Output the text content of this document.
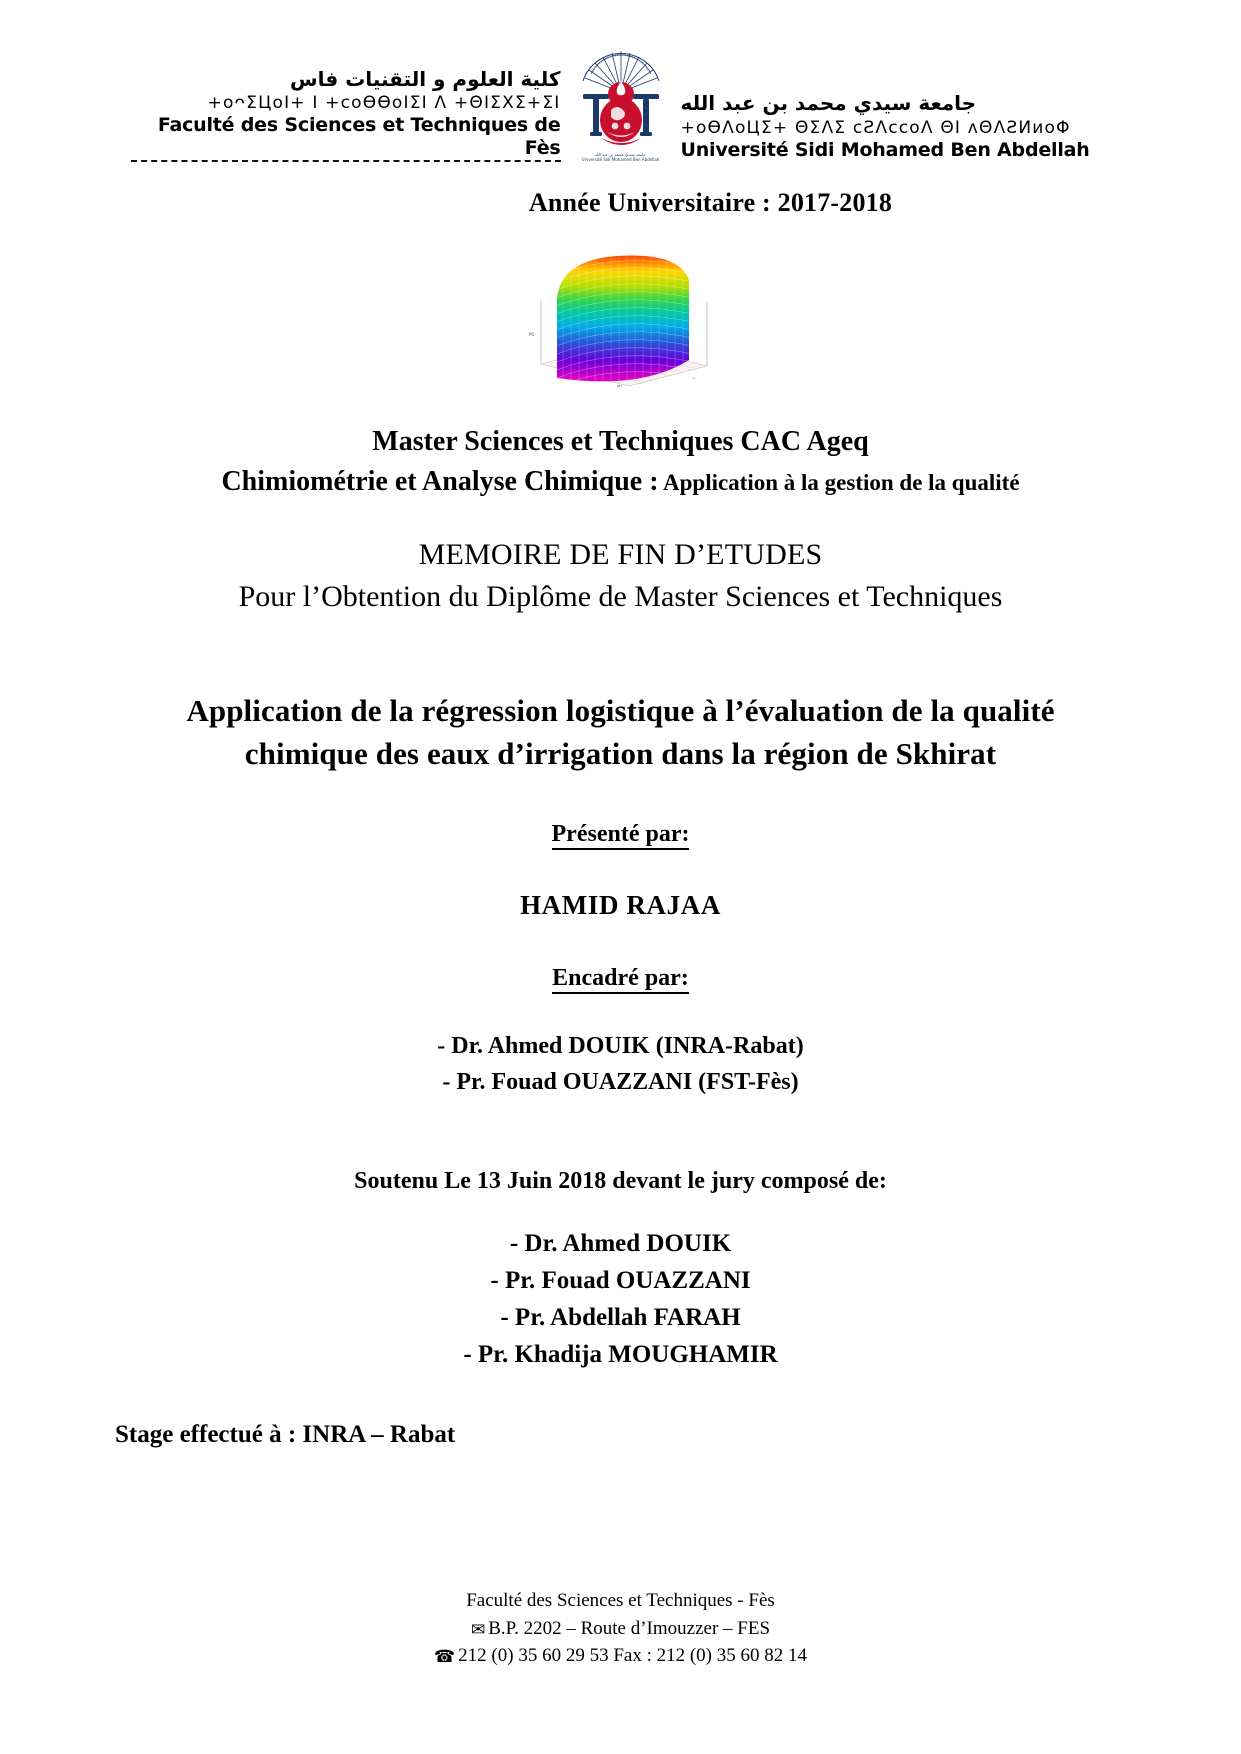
كلية العلوم و التقنيات فاس
+oᴖΣЦoI+ I +ᴄoӨӨoIΣI Λ +ΘIΣXΣ+ΣI
Faculté des Sciences et Techniques de Fès	جامعة سيدي محمد بن عبد الله
Université Sidi Mohamed Ben Abdellah
جامعة سيدي محمد بن عبد الله
+oӨΛoЦΣ+ ΘΣΛΣ ᴄƧΛᴄᴄoΛ ΘI ʌΘΛƧИиoΦ
Université Sidi Mohamed Ben Abdellah
Année Universitaire : 2017-2018
PO
pH
T
Master Sciences et Techniques CAC Ageq
Chimiométrie et Analyse Chimique : Application à la gestion de la qualité
MEMOIRE DE FIN D’ETUDES
Pour l’Obtention du Diplôme de Master Sciences et Techniques
Application de la régression logistique à l’évaluation de la qualité chimique des eaux d’irrigation dans la région de Skhirat
Présenté par:
HAMID RAJAA
Encadré par:
- Dr. Ahmed DOUIK (INRA-Rabat)
- Pr. Fouad OUAZZANI (FST-Fès)
Soutenu Le 13 Juin 2018 devant le jury composé de:
- Dr. Ahmed DOUIK
- Pr. Fouad OUAZZANI
- Pr. Abdellah FARAH
- Pr. Khadija MOUGHAMIR
Stage effectué à : INRA – Rabat
Faculté des Sciences et Techniques - Fès
✉ B.P. 2202 – Route d’Imouzzer – FES
☎ 212 (0) 35 60 29 53 Fax : 212 (0) 35 60 82 14
